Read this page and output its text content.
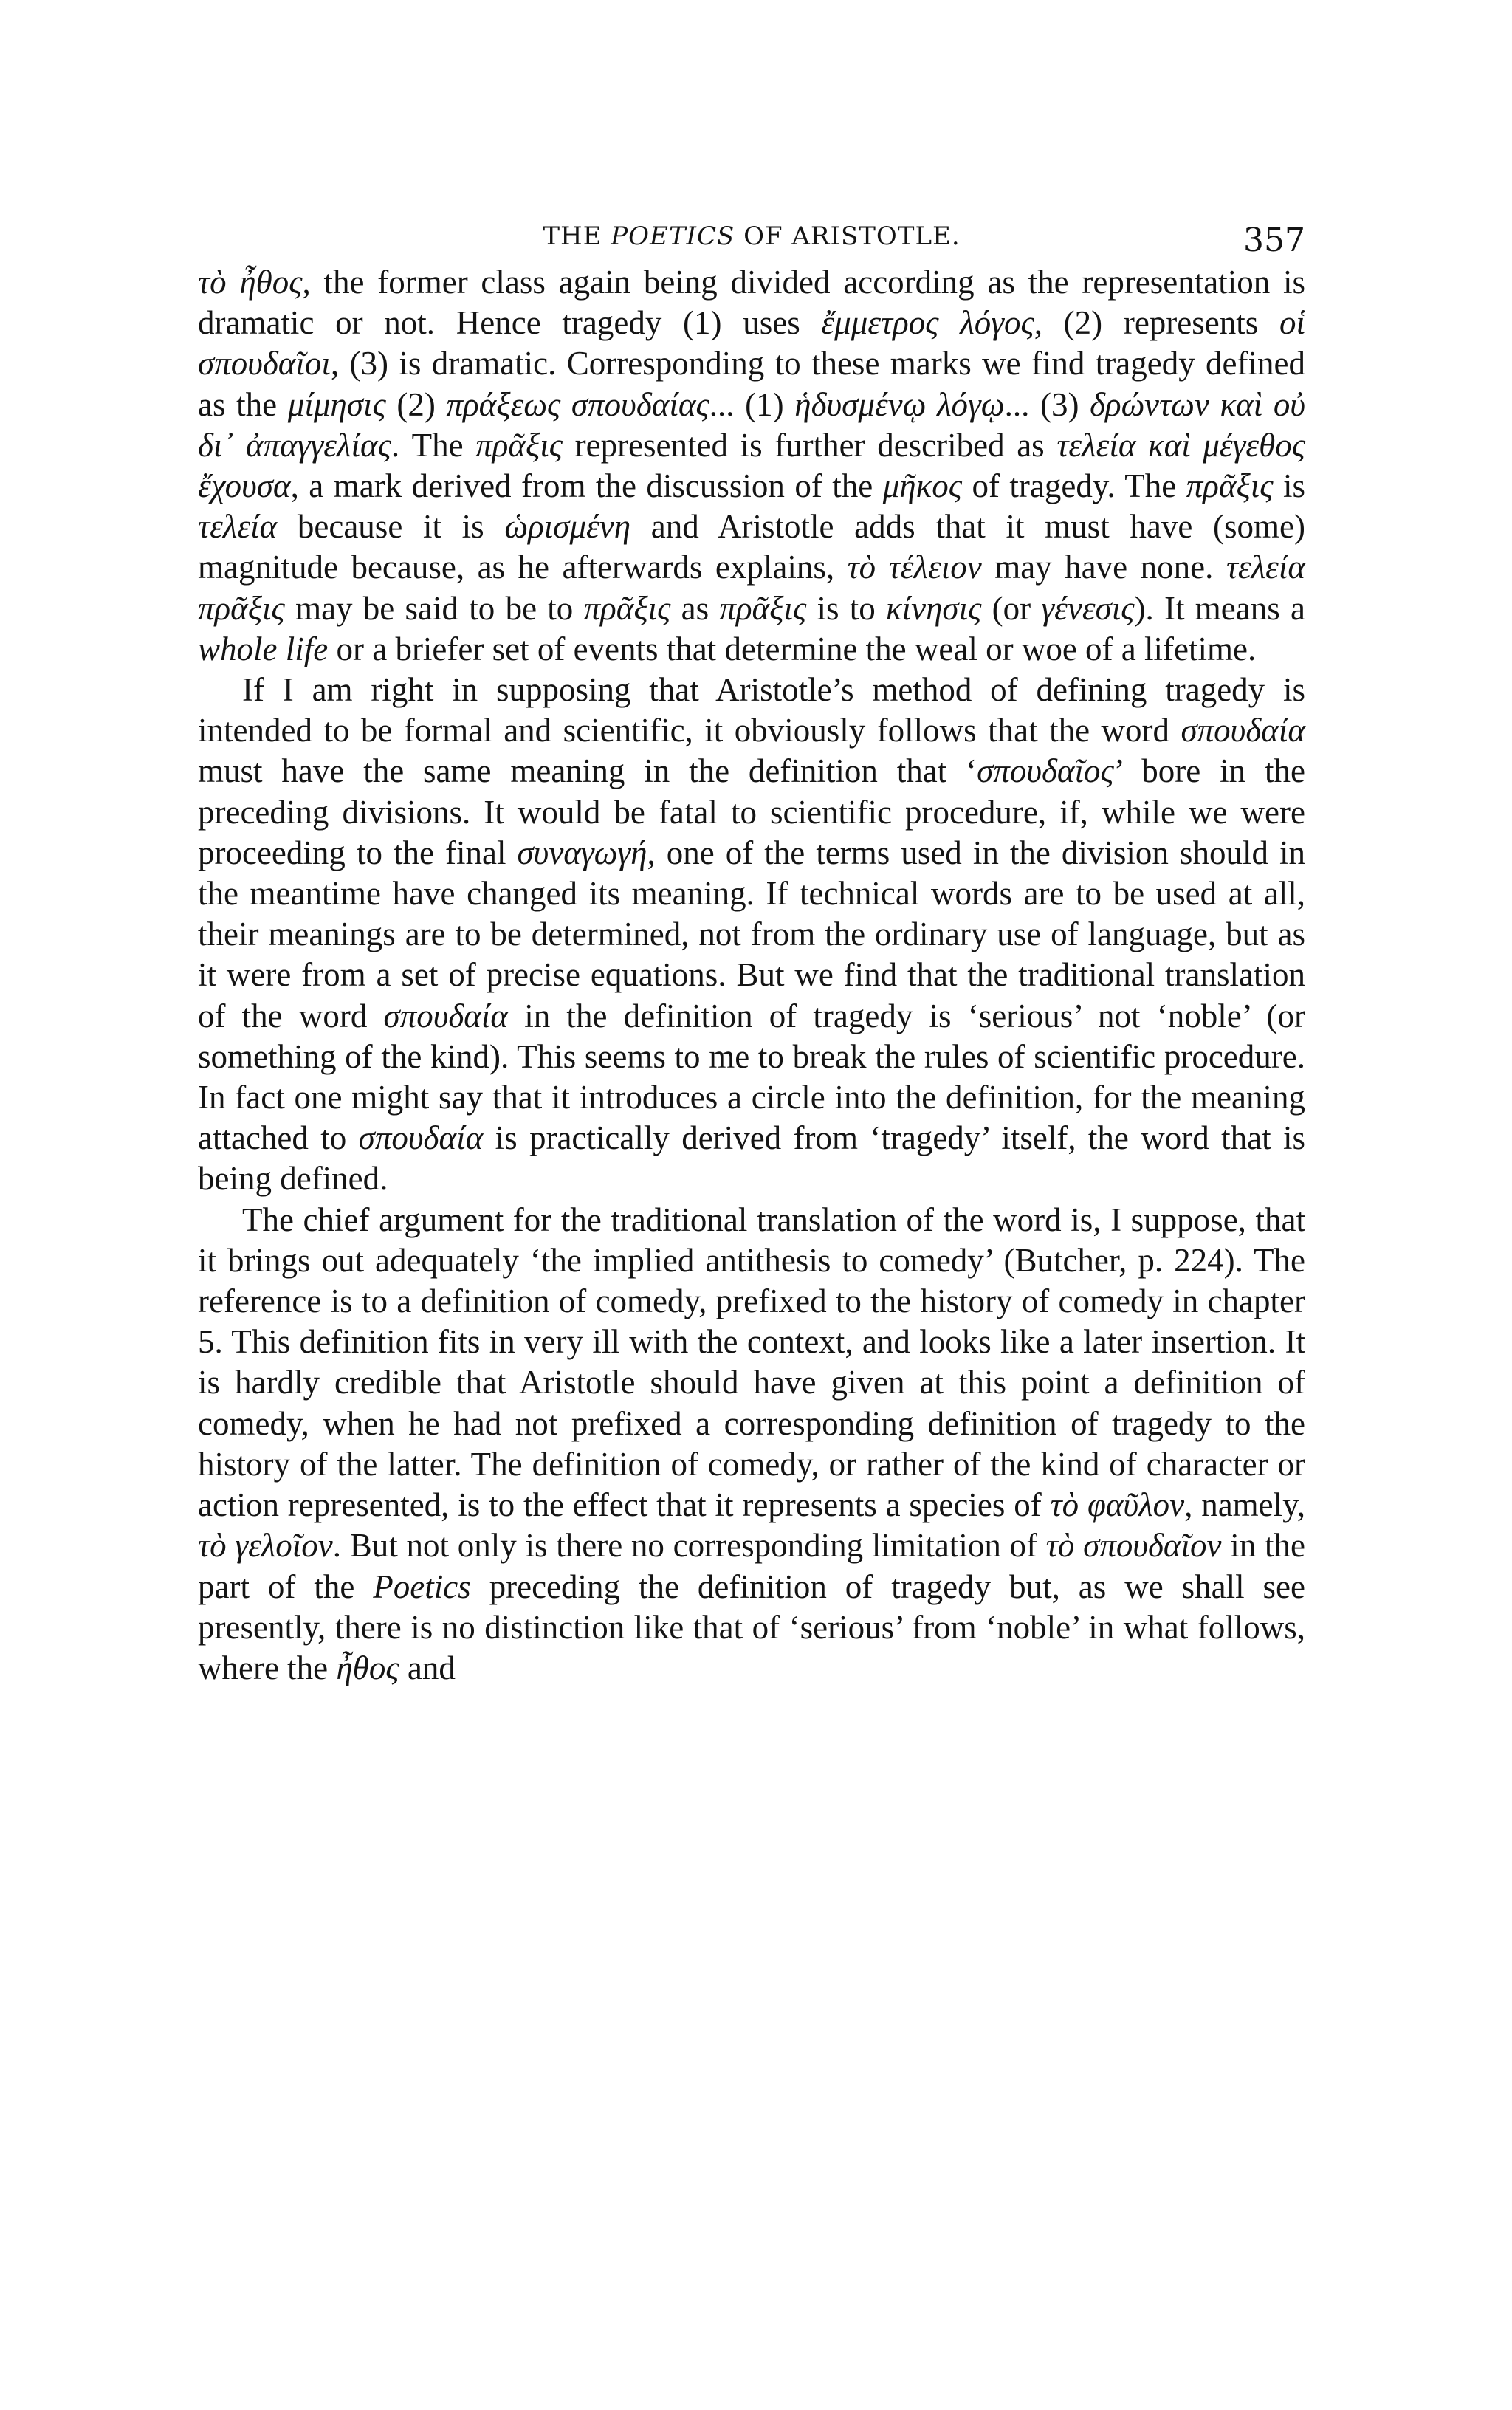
THE POETICS OF ARISTOTLE.	357

τὸ ἦθος, the former class again being divided according as the representation is dramatic or not. Hence tragedy (1) uses ἔμμετρος λόγος, (2) represents οἱ σπουδαῖοι, (3) is dramatic. Corresponding to these marks we find tragedy defined as the μίμησις (2) πράξεως σπουδαίας... (1) ἡδυσμένῳ λόγῳ... (3) δρώντων καὶ οὐ δι᾽ ἀπαγγελίας. The πρᾶξις represented is further described as τελεία καὶ μέγεθος ἔχουσα, a mark derived from the discussion of the μῆκος of tragedy. The πρᾶξις is τελεία because it is ὡρισμένη and Aristotle adds that it must have (some) magnitude because, as he afterwards explains, τὸ τέλειον may have none. τελεία πρᾶξις may be said to be to πρᾶξις as πρᾶξις is to κίνησις (or γένεσις). It means a whole life or a briefer set of events that determine the weal or woe of a lifetime.

If I am right in supposing that Aristotle’s method of defining tragedy is intended to be formal and scientific, it obviously follows that the word σπουδαία must have the same meaning in the definition that ‘σπουδαῖος’ bore in the preceding divisions. It would be fatal to scientific procedure, if, while we were proceeding to the final συναγωγή, one of the terms used in the division should in the meantime have changed its meaning. If technical words are to be used at all, their meanings are to be determined, not from the ordinary use of language, but as it were from a set of precise equations. But we find that the traditional translation of the word σπουδαία in the definition of tragedy is ‘serious’ not ‘noble’ (or something of the kind). This seems to me to break the rules of scientific procedure. In fact one might say that it introduces a circle into the definition, for the meaning attached to σπουδαία is practically derived from ‘tragedy’ itself, the word that is being defined.

The chief argument for the traditional translation of the word is, I suppose, that it brings out adequately ‘the implied antithesis to comedy’ (Butcher, p. 224). The reference is to a definition of comedy, prefixed to the history of comedy in chapter 5. This definition fits in very ill with the context, and looks like a later insertion. It is hardly credible that Aristotle should have given at this point a definition of comedy, when he had not prefixed a corresponding definition of tragedy to the history of the latter. The definition of comedy, or rather of the kind of character or action represented, is to the effect that it represents a species of τὸ φαῦλον, namely, τὸ γελοῖον. But not only is there no corresponding limitation of τὸ σπουδαῖον in the part of the Poetics preceding the definition of tragedy but, as we shall see presently, there is no distinction like that of ‘serious’ from ‘noble’ in what follows, where the ἦθος and
